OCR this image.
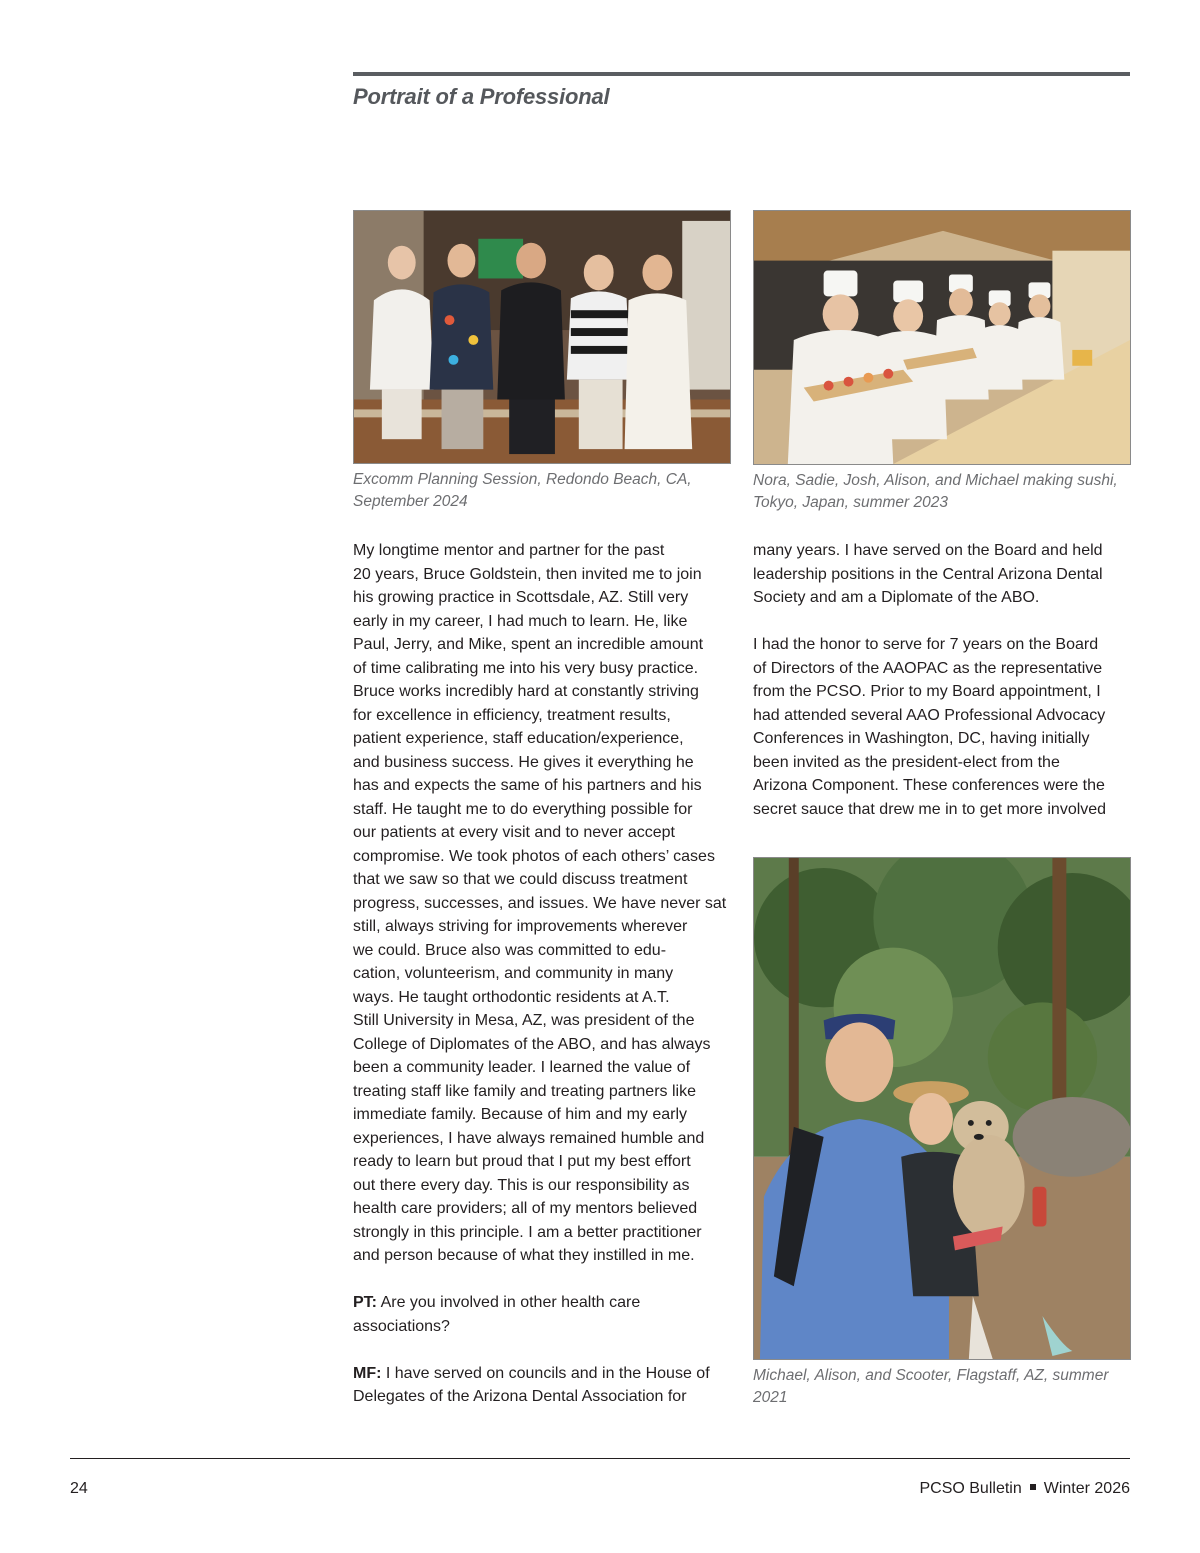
Portrait of a Professional

Excomm Planning Session, Redondo Beach, CA, September 2024

Nora, Sadie, Josh, Alison, and Michael making sushi, Tokyo, Japan, summer 2023

Michael, Alison, and Scooter, Flagstaff, AZ, summer 2021

My longtime mentor and partner for the past
20 years, Bruce Goldstein, then invited me to join
his growing practice in Scottsdale, AZ. Still very
early in my career, I had much to learn. He, like
Paul, Jerry, and Mike, spent an incredible amount
of time calibrating me into his very busy practice.
Bruce works incredibly hard at constantly striving
for excellence in efficiency, treatment results,
patient experience, staff education/experience,
and business success. He gives it everything he
has and expects the same of his partners and his
staff. He taught me to do everything possible for
our patients at every visit and to never accept
compromise. We took photos of each others’ cases
that we saw so that we could discuss treatment
progress, successes, and issues. We have never sat
still, always striving for improvements wherever
we could. Bruce also was committed to edu-
cation, volunteerism, and community in many
ways. He taught orthodontic residents at A.T.
Still University in Mesa, AZ, was president of the
College of Diplomates of the ABO, and has always
been a community leader. I learned the value of
treating staff like family and treating partners like
immediate family. Because of him and my early
experiences, I have always remained humble and
ready to learn but proud that I put my best effort
out there every day. This is our responsibility as
health care providers; all of my mentors believed
strongly in this principle. I am a better practitioner
and person because of what they instilled in me.

PT: Are you involved in other health care
associations?

MF: I have served on councils and in the House of
Delegates of the Arizona Dental Association for

many years. I have served on the Board and held
leadership positions in the Central Arizona Dental
Society and am a Diplomate of the ABO.

I had the honor to serve for 7 years on the Board
of Directors of the AAOPAC as the representative
from the PCSO. Prior to my Board appointment, I
had attended several AAO Professional Advocacy
Conferences in Washington, DC, having initially
been invited as the president-elect from the
Arizona Component. These conferences were the
secret sauce that drew me in to get more involved

24	PCSO Bulletin Winter 2026
